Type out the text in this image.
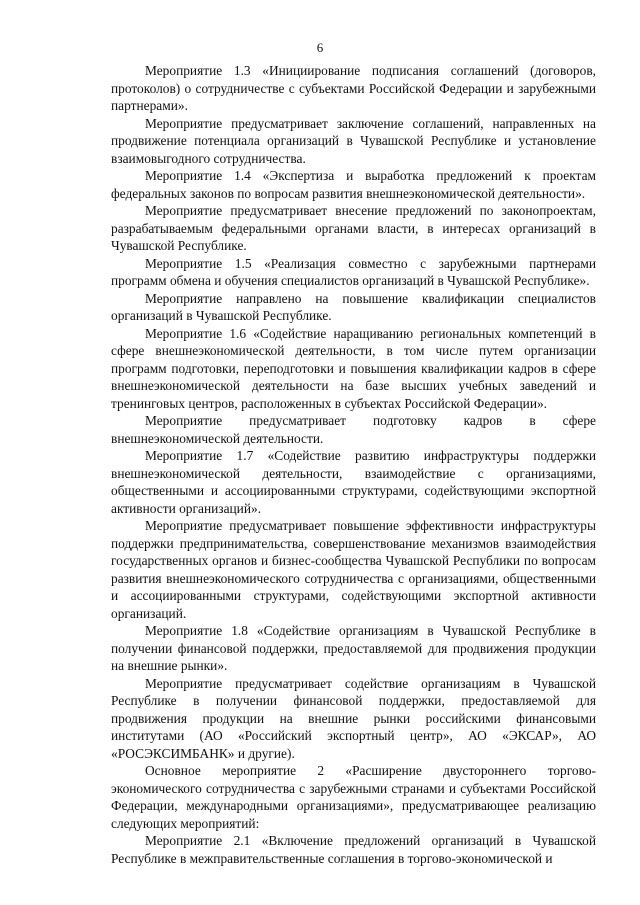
6

Мероприятие 1.3 «Инициирование подписания соглашений (договоров, протоколов) о сотрудничестве с субъектами Российской Федерации и зарубежными партнерами».

Мероприятие предусматривает заключение соглашений, направленных на продвижение потенциала организаций в Чувашской Республике и установление взаимовыгодного сотрудничества.

Мероприятие 1.4 «Экспертиза и выработка предложений к проектам федеральных законов по вопросам развития внешнеэкономической деятельности».

Мероприятие предусматривает внесение предложений по законопроектам, разрабатываемым федеральными органами власти, в интересах организаций в Чувашской Республике.

Мероприятие 1.5 «Реализация совместно с зарубежными партнерами программ обмена и обучения специалистов организаций в Чувашской Республике».

Мероприятие направлено на повышение квалификации специалистов организаций в Чувашской Республике.

Мероприятие 1.6 «Содействие наращиванию региональных компетенций в сфере внешнеэкономической деятельности, в том числе путем организации программ подготовки, переподготовки и повышения квалификации кадров в сфере внешнеэкономической деятельности на базе высших учебных заведений и тренинговых центров, расположенных в субъектах Российской Федерации».

Мероприятие предусматривает подготовку кадров в сфере внешнеэкономической деятельности.

Мероприятие 1.7 «Содействие развитию инфраструктуры поддержки внешнеэкономической деятельности, взаимодействие с организациями, общественными и ассоциированными структурами, содействующими экспортной активности организаций».

Мероприятие предусматривает повышение эффективности инфраструктуры поддержки предпринимательства, совершенствование механизмов взаимодействия государственных органов и бизнес-сообщества Чувашской Республики по вопросам развития внешнеэкономического сотрудничества с организациями, общественными и ассоциированными структурами, содействующими экспортной активности организаций.

Мероприятие 1.8 «Содействие организациям в Чувашской Республике в получении финансовой поддержки, предоставляемой для продвижения продукции на внешние рынки».

Мероприятие предусматривает содействие организациям в Чувашской Республике в получении финансовой поддержки, предоставляемой для продвижения продукции на внешние рынки российскими финансовыми институтами (АО «Российский экспортный центр», АО «ЭКСАР», АО «РОСЭКСИМБАНК» и другие).

Основное мероприятие 2 «Расширение двустороннего торгово-экономического сотрудничества с зарубежными странами и субъектами Российской Федерации, международными организациями», предусматривающее реализацию следующих мероприятий:

Мероприятие 2.1 «Включение предложений организаций в Чувашской Республике в межправительственные соглашения в торгово-экономической и
